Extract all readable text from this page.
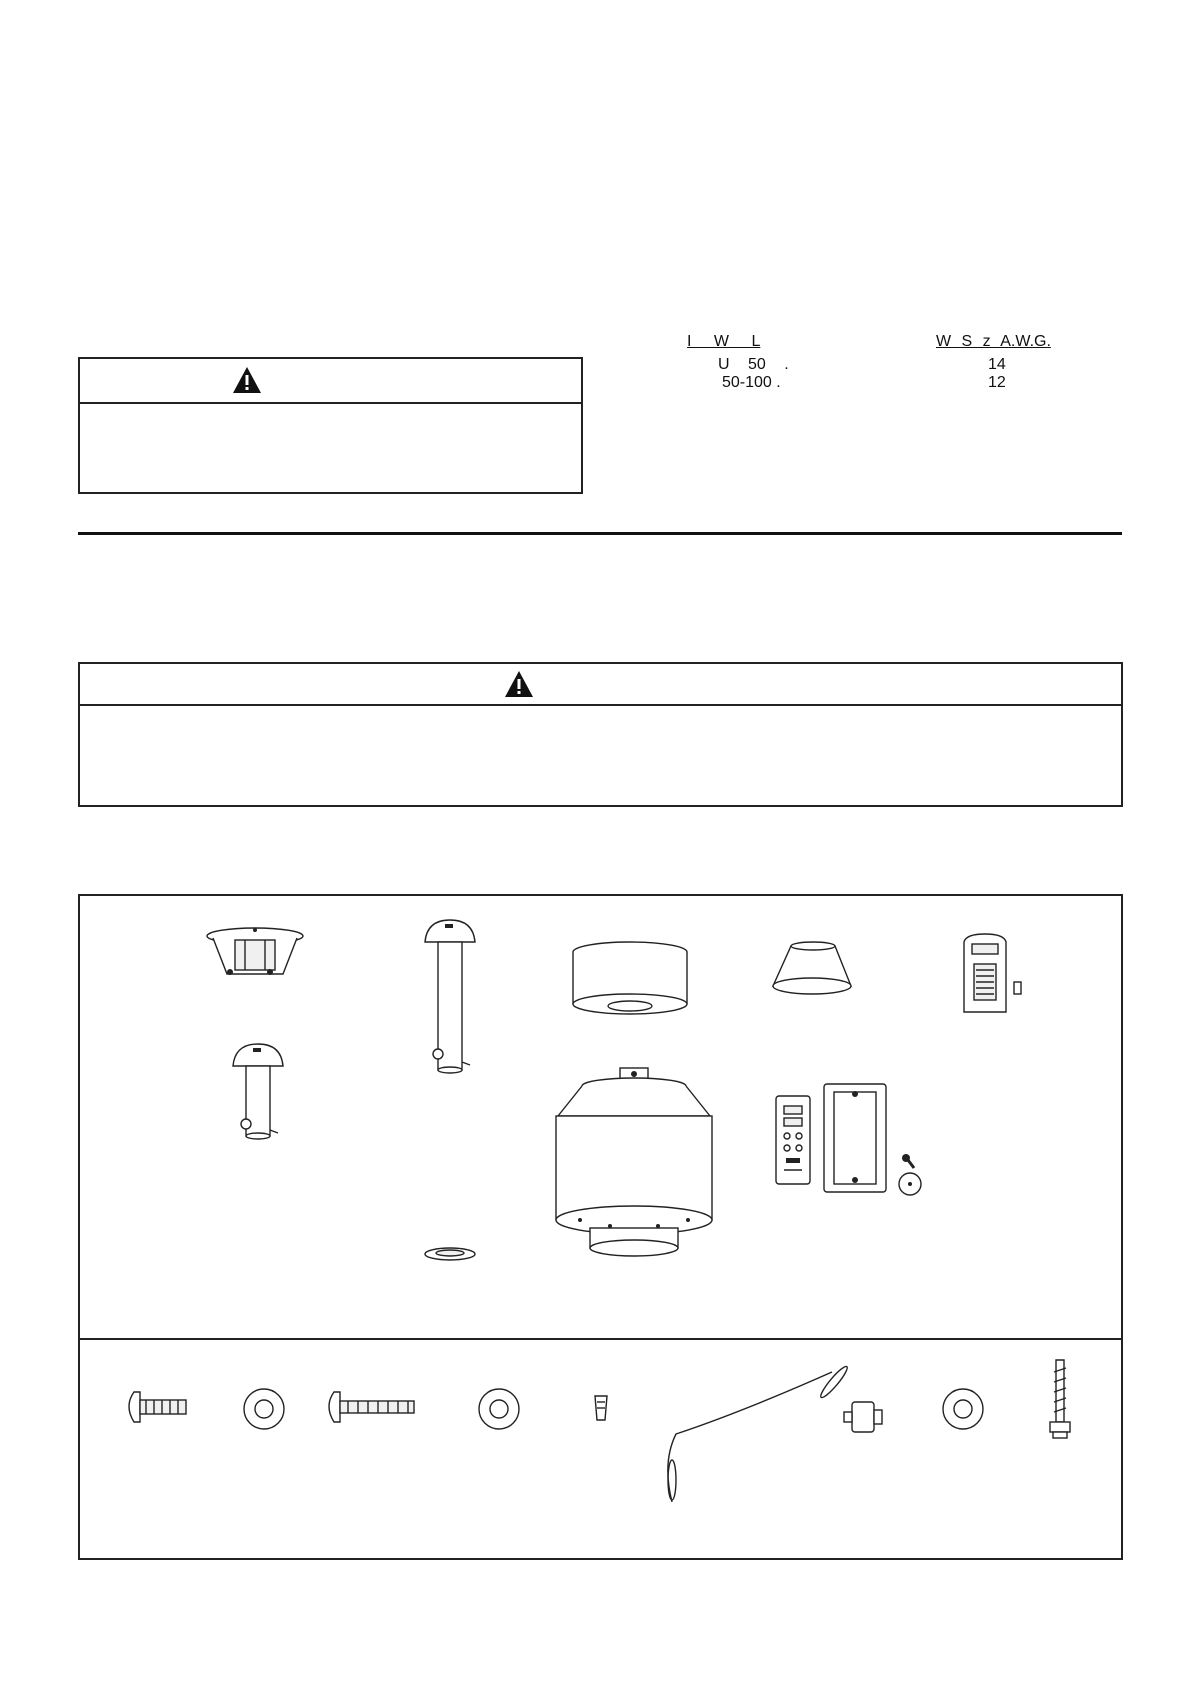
I W L	W S z A.W.G.
U 50 .	14
50-100 .	12
